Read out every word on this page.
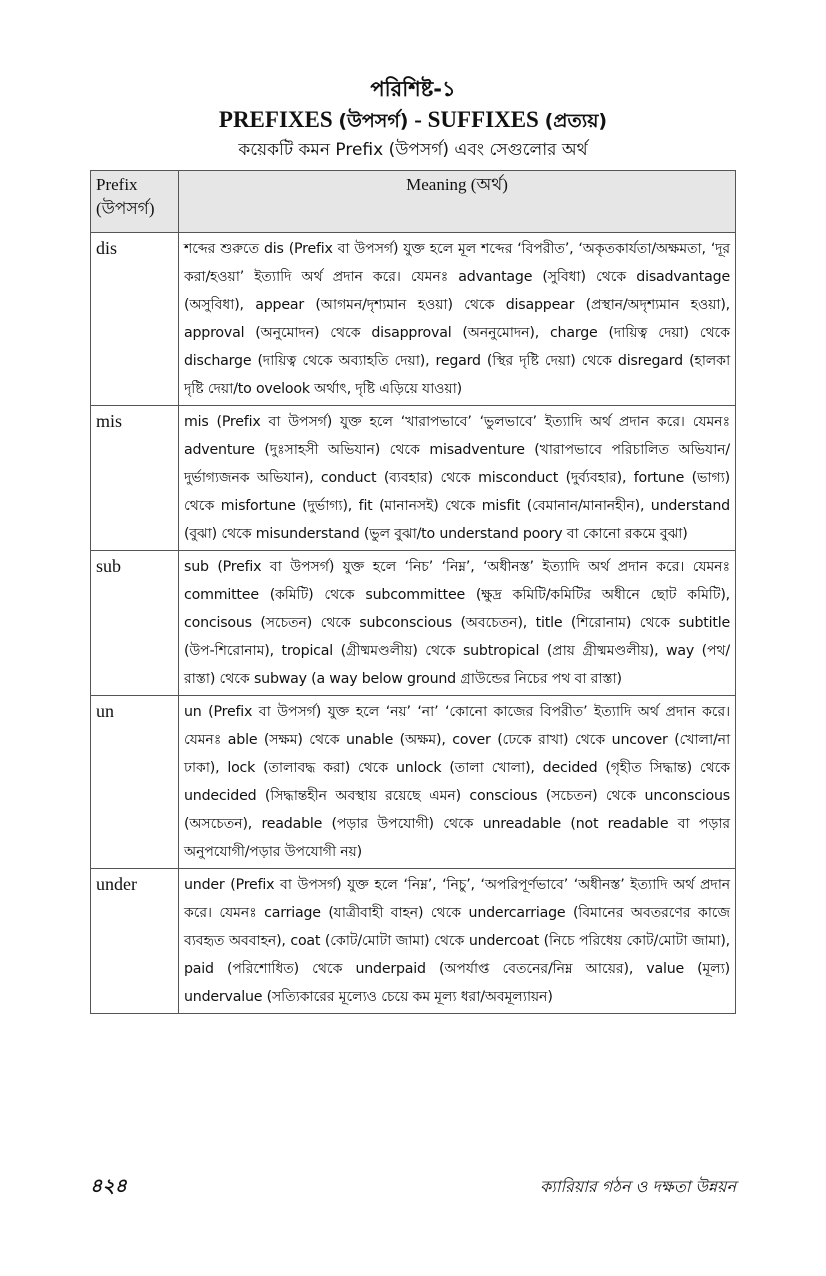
পরিশিষ্ট-১
PREFIXES (উপসর্গ) - SUFFIXES (প্রত্যয়)
কয়েকটি কমন Prefix (উপসর্গ) এবং সেগুলোর অর্থ
Prefix (উপসর্গ)	Meaning (অর্থ)
dis	শব্দের শুরুতে dis (Prefix বা উপসর্গ) যুক্ত হলে মূল শব্দের ‘বিপরীত’, ‘অকৃতকার্যতা/অক্ষমতা, ‘দূর করা/হওয়া’ ইত্যাদি অর্থ প্রদান করে। যেমনঃ advantage (সুবিধা) থেকে disadvantage (অসুবিধা), appear (আগমন/দৃশ্যমান হওয়া) থেকে disappear (প্রস্থান/অদৃশ্যমান হওয়া), approval (অনুমোদন) থেকে disapproval (অননুমোদন), charge (দায়িত্ব দেয়া) থেকে discharge (দায়িত্ব থেকে অব্যাহতি দেয়া), regard (স্থির দৃষ্টি দেয়া) থেকে disregard (হালকা দৃষ্টি দেয়া/to ovelook অর্থাৎ, দৃষ্টি এড়িয়ে যাওয়া)
mis	mis (Prefix বা উপসর্গ) যুক্ত হলে ‘খারাপভাবে’ ‘ভুলভাবে’ ইত্যাদি অর্থ প্রদান করে। যেমনঃ adventure (দুঃসাহসী অভিযান) থেকে misadventure (খারাপভাবে পরিচালিত অভিযান/দুর্ভাগ্যজনক অভিযান), conduct (ব্যবহার) থেকে misconduct (দুর্ব্যবহার), fortune (ভাগ্য) থেকে misfortune (দুর্ভাগ্য), fit (মানানসই) থেকে misfit (বেমানান/মানানহীন), understand (বুঝা) থেকে misunderstand (ভুল বুঝা/to understand poory বা কোনো রকমে বুঝা)
sub	sub (Prefix বা উপসর্গ) যুক্ত হলে ‘নিচ’ ‘নিম্ন’, ‘অধীনস্ত’ ইত্যাদি অর্থ প্রদান করে। যেমনঃ committee (কমিটি) থেকে subcommittee (ক্ষুদ্র কমিটি/কমিটির অধীনে ছোট কমিটি), concisous (সচেতন) থেকে subconscious (অবচেতন), title (শিরোনাম) থেকে subtitle (উপ-শিরোনাম), tropical (গ্রীষ্মমণ্ডলীয়) থেকে subtropical (প্রায় গ্রীষ্মমণ্ডলীয়), way (পথ/রাস্তা) থেকে subway (a way below ground গ্রাউন্ডের নিচের পথ বা রাস্তা)
un	un (Prefix বা উপসর্গ) যুক্ত হলে ‘নয়’ ‘না’ ‘কোনো কাজের বিপরীত’ ইত্যাদি অর্থ প্রদান করে। যেমনঃ able (সক্ষম) থেকে unable (অক্ষম), cover (ঢেকে রাখা) থেকে uncover (খোলা/না ঢাকা), lock (তালাবদ্ধ করা) থেকে unlock (তালা খোলা), decided (গৃহীত সিদ্ধান্ত) থেকে undecided (সিদ্ধান্তহীন অবস্থায় রয়েছে এমন) conscious (সচেতন) থেকে unconscious (অসচেতন), readable (পড়ার উপযোগী) থেকে unreadable (not readable বা পড়ার অনুপযোগী/পড়ার উপযোগী নয়)
under	under (Prefix বা উপসর্গ) যুক্ত হলে ‘নিম্ন’, ‘নিচু’, ‘অপরিপূর্ণভাবে’ ‘অধীনস্ত’ ইত্যাদি অর্থ প্রদান করে। যেমনঃ carriage (যাত্রীবাহী বাহন) থেকে undercarriage (বিমানের অবতরণের কাজে ব্যবহৃত অববাহন), coat (কোট/মোটা জামা) থেকে undercoat (নিচে পরিধেয় কোট/মোটা জামা), paid (পরিশোধিত) থেকে underpaid (অপর্যাপ্ত বেতনের/নিম্ন আয়ের), value (মূল্য) undervalue (সত্যিকারের মূল্যেও চেয়ে কম মূল্য ধরা/অবমূল্যায়ন)
৪২৪	ক্যারিয়ার গঠন ও দক্ষতা উন্নয়ন
